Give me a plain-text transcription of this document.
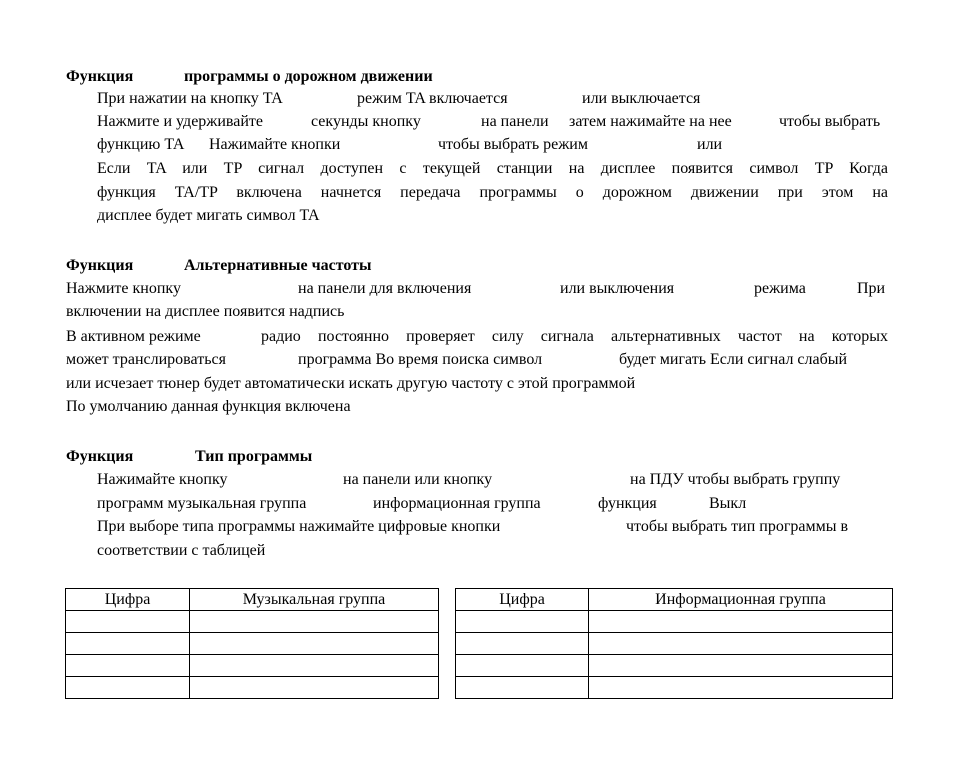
Функция	программы о дорожном движении
При нажатии на кнопку TA	режим TA включается	или выключается
Нажмите и удерживайте	секунды кнопку	на панели затем нажимайте на нее	чтобы выбрать
функцию TA Нажимайте кнопки	чтобы выбрать режим	или
Если TA или TP сигнал доступен с текущей станции на дисплее появится символ TP Когда
функция TA/TP включена начнется передача программы о дорожном движении при этом на
дисплее будет мигать символ TA
Функция	Альтернативные частоты
Нажмите кнопку	на панели для включения	или выключения	режима	При
включении на дисплее появится надпись
В активном режиме	радио постоянно проверяет силу сигнала альтернативных частот на которых
может транслироваться	программа Во время поиска символ	будет мигать Если сигнал слабый
или исчезает тюнер будет автоматически искать другую частоту с этой программой
По умолчанию данная функция включена
Функция	Тип программы
Нажимайте кнопку	на панели или кнопку	на ПДУ чтобы выбрать группу
программ музыкальная группа	информационная группа	функция	Выкл
При выборе типа программы нажимайте цифровые кнопки	чтобы выбрать тип программы в
соответствии с таблицей
Цифра	Музыкальная группа

		Цифра	Информационная группа
